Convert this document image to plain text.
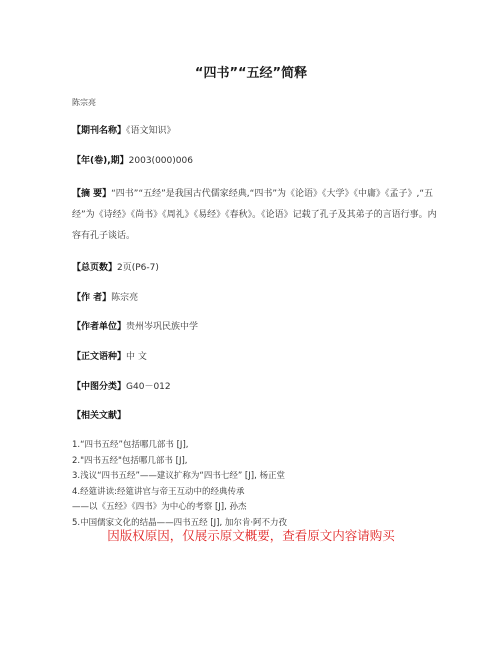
“四书”“五经”简释
陈宗亮
【期刊名称】《语文知识》
【年(卷),期】2003(000)006
【摘 要】“四书”“五经”是我国古代儒家经典,“四书”为《论语》《大学》《中庸》《孟子》,“五经”为《诗经》《尚书》《周礼》《易经》《春秋》。《论语》记载了孔子及其弟子的言语行事。内容有孔子谈话。
【总页数】2页(P6-7)
【作 者】陈宗亮
【作者单位】贵州岑巩民族中学
【正文语种】中 文
【中图分类】G40－012
【相关文献】
1.“四书五经”包括哪几部书 [J],
2."四书五经"包括哪几部书 [J],
3.浅议“四书五经”——建议扩称为“四书七经” [J], 杨正堂
4.经筵讲读:经筵讲官与帝王互动中的经典传承
——以《五经》《四书》为中心的考察 [J], 孙杰
5.中国儒家文化的结晶——四书五经 [J], 加尔肯·阿不力孜
因版权原因，仅展示原文概要，查看原文内容请购买
